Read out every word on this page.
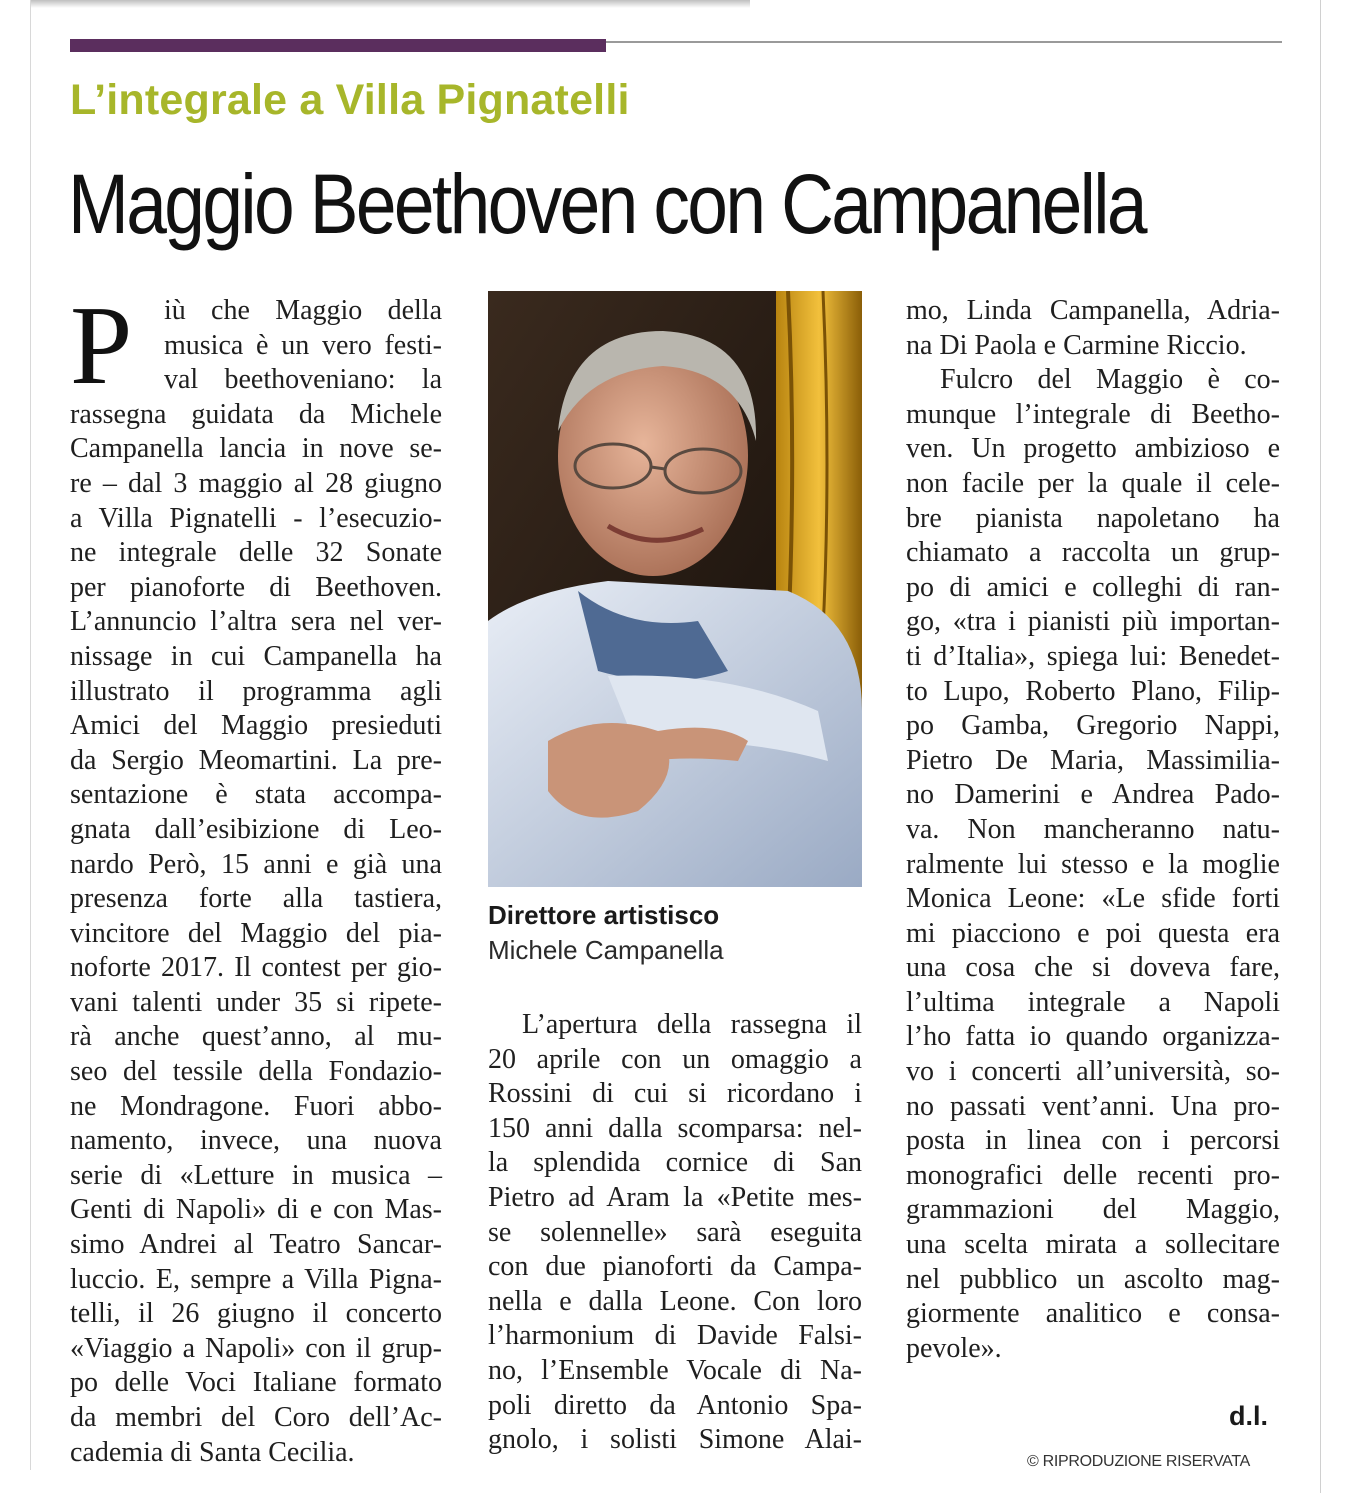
L’integrale a Villa Pignatelli
Maggio Beethoven con Campanella
P	iù che Maggio della
musica è un vero festi-
val beethoveniano: la
rassegna guidata da Michele
Campanella lancia in nove se-
re – dal 3 maggio al 28 giugno
a Villa Pignatelli - l’esecuzio-
ne integrale delle 32 Sonate
per pianoforte di Beethoven.
L’annuncio l’altra sera nel ver-
nissage in cui Campanella ha
illustrato il programma agli
Amici del Maggio presieduti
da Sergio Meomartini. La pre-
sentazione è stata accompa-
gnata dall’esibizione di Leo-
nardo Però, 15 anni e già una
presenza forte alla tastiera,
vincitore del Maggio del pia-
noforte 2017. Il contest per gio-
vani talenti under 35 si ripete-
rà anche quest’anno, al mu-
seo del tessile della Fondazio-
ne Mondragone. Fuori abbo-
namento, invece, una nuova
serie di «Letture in musica –
Genti di Napoli» di e con Mas-
simo Andrei al Teatro Sancar-
luccio. E, sempre a Villa Pigna-
telli, il 26 giugno il concerto
«Viaggio a Napoli» con il grup-
po delle Voci Italiane formato
da membri del Coro dell’Ac-
cademia di Santa Cecilia.
L’apertura della rassegna il
20 aprile con un omaggio a
Rossini di cui si ricordano i
150 anni dalla scomparsa: nel-
la splendida cornice di San
Pietro ad Aram la «Petite mes-
se solennelle» sarà eseguita
con due pianoforti da Campa-
nella e dalla Leone. Con loro
l’harmonium di Davide Falsi-
no, l’Ensemble Vocale di Na-
poli diretto da Antonio Spa-
gnolo, i solisti Simone Alai-
mo, Linda Campanella, Adria-
na Di Paola e Carmine Riccio.
Fulcro del Maggio è co-
munque l’integrale di Beetho-
ven. Un progetto ambizioso e
non facile per la quale il cele-
bre pianista napoletano ha
chiamato a raccolta un grup-
po di amici e colleghi di ran-
go, «tra i pianisti più importan-
ti d’Italia», spiega lui: Benedet-
to Lupo, Roberto Plano, Filip-
po Gamba, Gregorio Nappi,
Pietro De Maria, Massimilia-
no Damerini e Andrea Pado-
va. Non mancheranno natu-
ralmente lui stesso e la moglie
Monica Leone: «Le sfide forti
mi piacciono e poi questa era
una cosa che si doveva fare,
l’ultima integrale a Napoli
l’ho fatta io quando organizza-
vo i concerti all’università, so-
no passati vent’anni. Una pro-
posta in linea con i percorsi
monografici delle recenti pro-
grammazioni del Maggio,
una scelta mirata a sollecitare
nel pubblico un ascolto mag-
giormente analitico e consa-
pevole».
Direttore artistisco
Michele Campanella
d.l.
© RIPRODUZIONE RISERVATA
